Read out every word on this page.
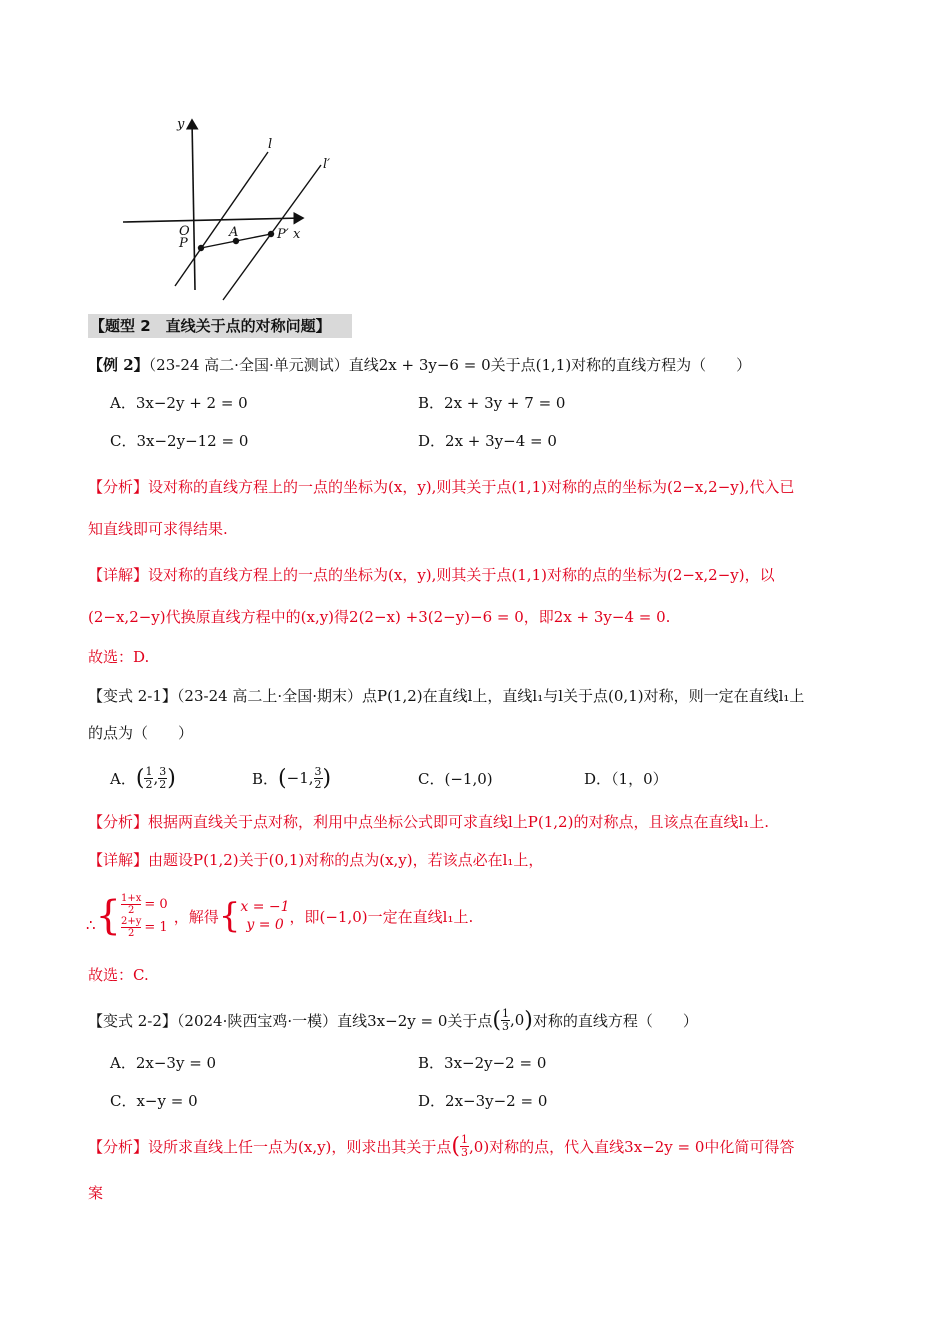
y
x
O
P
A	P′
l
l′
【题型 2　直线关于点的对称问题】
【例 2】（23-24 高二·全国·单元测试）直线2x + 3y−6 = 0关于点(1,1)对称的直线方程为（　　）
A．3x−2y + 2 = 0	B．2x + 3y + 7 = 0
C．3x−2y−12 = 0	D．2x + 3y−4 = 0
【分析】设对称的直线方程上的一点的坐标为(x，y),则其关于点(1,1)对称的点的坐标为(2−x,2−y),代入已
知直线即可求得结果.
【详解】设对称的直线方程上的一点的坐标为(x，y),则其关于点(1,1)对称的点的坐标为(2−x,2−y)，以
(2−x,2−y)代换原直线方程中的(x,y)得2(2−x) +3(2−y)−6 = 0，即2x + 3y−4 = 0.
故选：D.
【变式 2-1】（23-24 高二上·全国·期末）点P(1,2)在直线l上，直线l₁与l关于点(0,1)对称，则一定在直线l₁上
的点为（　　）
A． ( $\frac{1}{2}$ , $\frac{3}{2}$ )	B． ( −1, $\frac{3}{2}$ )	C．(−1,0)	D．（1，0）
【分析】根据两直线关于点对称，利用中点坐标公式即可求直线l上P(1,2)的对称点，且该点在直线l₁上.
【详解】由题设P(1,2)关于(0,1)对称的点为(x,y)，若该点必在l₁上，
∴ { $\frac{1+x}{2} = 0$
$\frac{2+y}{2} = 1$
，解得 { x = −1
y = 0 ，即(−1,0)一定在直线l₁上.
故选：C.
【变式 2-2】（2024·陕西宝鸡·一模）直线3x−2y = 0关于点 ( $\frac{1}{3} ,0$ ) 对称的直线方程（　　）
A．2x−3y = 0	B．3x−2y−2 = 0
C．x−y = 0	D．2x−3y−2 = 0
【分析】设所求直线上任一点为(x,y)，则求出其关于点 ( $\frac{1}{3} ,0$)对称的点，代入直线3x−2y = 0中化简可得答
案
